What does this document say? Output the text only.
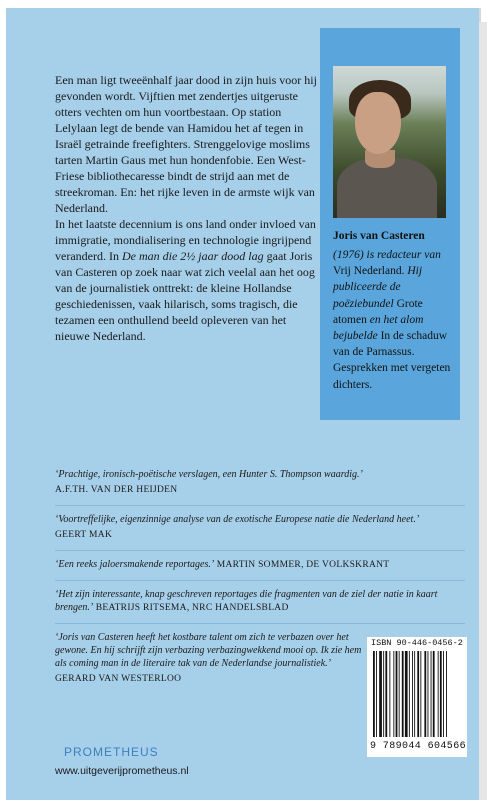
Een man ligt tweeënhalf jaar dood in zijn huis voor hij gevonden wordt. Vijftien met zendertjes uitgeruste otters vechten om hun voortbestaan. Op station Lelylaan legt de bende van Hamidou het af tegen in Israël getrainde freefighters. Strenggelovige moslims tarten Martin Gaus met hun hondenfobie. Een West-Friese bibliothecaresse bindt de strijd aan met de streekroman. En: het rijke leven in de armste wijk van Nederland.

In het laatste decennium is ons land onder invloed van immigratie, mondialisering en technologie ingrijpend veranderd. In De man die 2½ jaar dood lag gaat Joris van Casteren op zoek naar wat zich veelal aan het oog van de journalistiek onttrekt: de kleine Hollandse geschiedenissen, vaak hilarisch, soms tragisch, die tezamen een onthullend beeld opleveren van het nieuwe Nederland.

Joris van Casteren
(1976) is redacteur van Vrij Nederland. Hij publiceerde de poëziebundel Grote atomen en het alom bejubelde In de schaduw van de Parnassus. Gesprekken met vergeten dichters.
‘Prachtige, ironisch-poëtische verslagen, een Hunter S. Thompson waardig.’
A.F.TH. VAN DER HEIJDEN
‘Voortreffelijke, eigenzinnige analyse van de exotische Europese natie die Nederland heet.’
GEERT MAK
‘Een reeks jaloersmakende reportages.’ MARTIN SOMMER, DE VOLKSKRANT
‘Het zijn interessante, knap geschreven reportages die fragmenten van de ziel der natie in kaart brengen.’ BEATRIJS RITSEMA, NRC HANDELSBLAD
‘Joris van Casteren heeft het kostbare talent om zich te verbazen over het gewone. En hij schrijft zijn verbazing verbazingwekkend mooi op. Ik zie hem als coming man in de literaire tak van de Nederlandse journalistiek.’
GERARD VAN WESTERLOO
ISBN 90-446-0456-2
9 789044 604566
PROMETHEUS
www.uitgeverijprometheus.nl
